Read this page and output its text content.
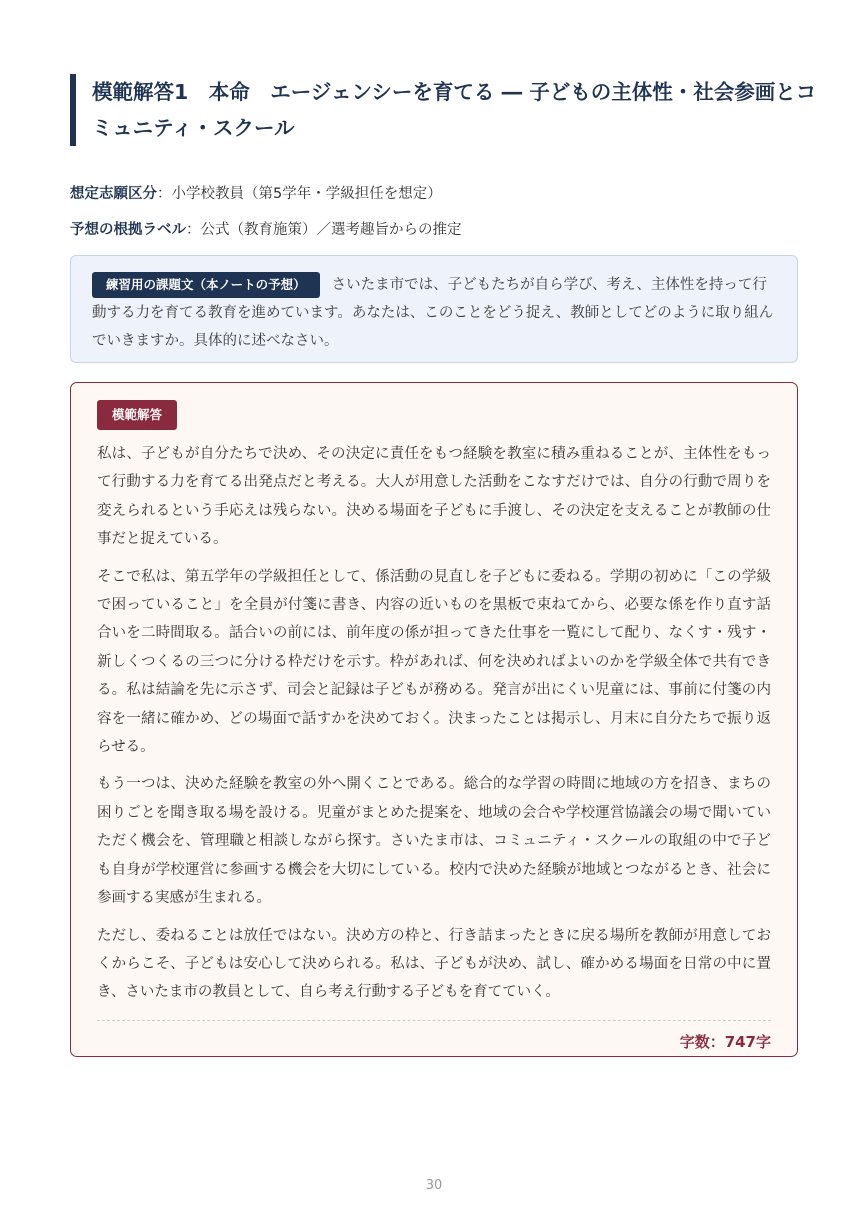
模範解答1　本命　エージェンシーを育てる ― 子どもの主体性・社会参画とコミュニティ・スクール
想定志願区分：小学校教員（第5学年・学級担任を想定）
予想の根拠ラベル：公式（教育施策）／選考趣旨からの推定
練習用の課題文（本ノートの予想） さいたま市では、子どもたちが自ら学び、考え、主体性を持って行動する力を育てる教育を進めています。あなたは、このことをどう捉え、教師としてどのように取り組んでいきますか。具体的に述べなさい。
模範解答

私は、子どもが自分たちで決め、その決定に責任をもつ経験を教室に積み重ねることが、主体性をもって行動する力を育てる出発点だと考える。大人が用意した活動をこなすだけでは、自分の行動で周りを変えられるという手応えは残らない。決める場面を子どもに手渡し、その決定を支えることが教師の仕事だと捉えている。

そこで私は、第五学年の学級担任として、係活動の見直しを子どもに委ねる。学期の初めに「この学級で困っていること」を全員が付箋に書き、内容の近いものを黒板で束ねてから、必要な係を作り直す話合いを二時間取る。話合いの前には、前年度の係が担ってきた仕事を一覧にして配り、なくす・残す・新しくつくるの三つに分ける枠だけを示す。枠があれば、何を決めればよいのかを学級全体で共有できる。私は結論を先に示さず、司会と記録は子どもが務める。発言が出にくい児童には、事前に付箋の内容を一緒に確かめ、どの場面で話すかを決めておく。決まったことは掲示し、月末に自分たちで振り返らせる。

もう一つは、決めた経験を教室の外へ開くことである。総合的な学習の時間に地域の方を招き、まちの困りごとを聞き取る場を設ける。児童がまとめた提案を、地域の会合や学校運営協議会の場で聞いていただく機会を、管理職と相談しながら探す。さいたま市は、コミュニティ・スクールの取組の中で子ども自身が学校運営に参画する機会を大切にしている。校内で決めた経験が地域とつながるとき、社会に参画する実感が生まれる。

ただし、委ねることは放任ではない。決め方の枠と、行き詰まったときに戻る場所を教師が用意しておくからこそ、子どもは安心して決められる。私は、子どもが決め、試し、確かめる場面を日常の中に置き、さいたま市の教員として、自ら考え行動する子どもを育てていく。

字数：747字
30
